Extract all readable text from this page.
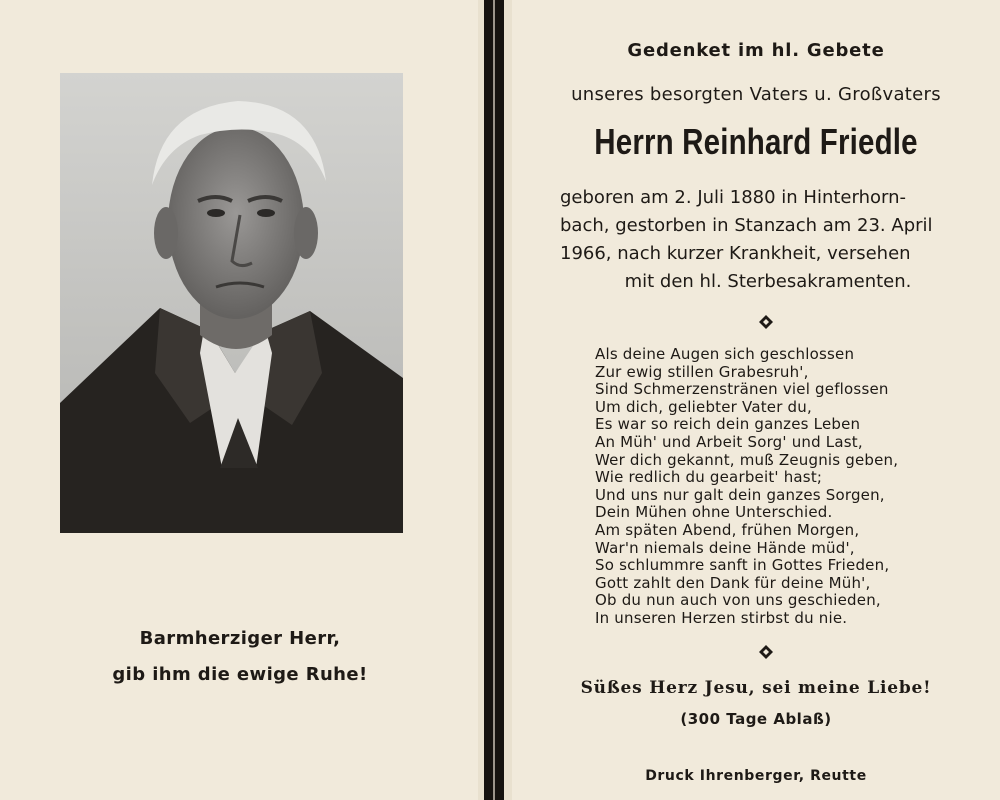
Barmherziger Herr,

gib ihm die ewige Ruhe!

Gedenket im hl. Gebete

unseres besorgten Vaters u. Großvaters

Herrn Reinhard Friedle

geboren am 2. Juli 1880 in Hinterhorn-

bach, gestorben in Stanzach am 23. April

1966, nach kurzer Krankheit, versehen

mit den hl. Sterbesakramenten.

Als deine Augen sich geschlossen
Zur ewig stillen Grabesruh',
Sind Schmerzenstränen viel geflossen
Um dich, geliebter Vater du,
Es war so reich dein ganzes Leben
An Müh' und Arbeit Sorg' und Last,
Wer dich gekannt, muß Zeugnis geben,
Wie redlich du gearbeit' hast;
Und uns nur galt dein ganzes Sorgen,
Dein Mühen ohne Unterschied.
Am späten Abend, frühen Morgen,
War'n niemals deine Hände müd',
So schlummre sanft in Gottes Frieden,
Gott zahlt den Dank für deine Müh',
Ob du nun auch von uns geschieden,
In unseren Herzen stirbst du nie.

Süßes Herz Jesu, sei meine Liebe!

(300 Tage Ablaß)

Druck Ihrenberger, Reutte
